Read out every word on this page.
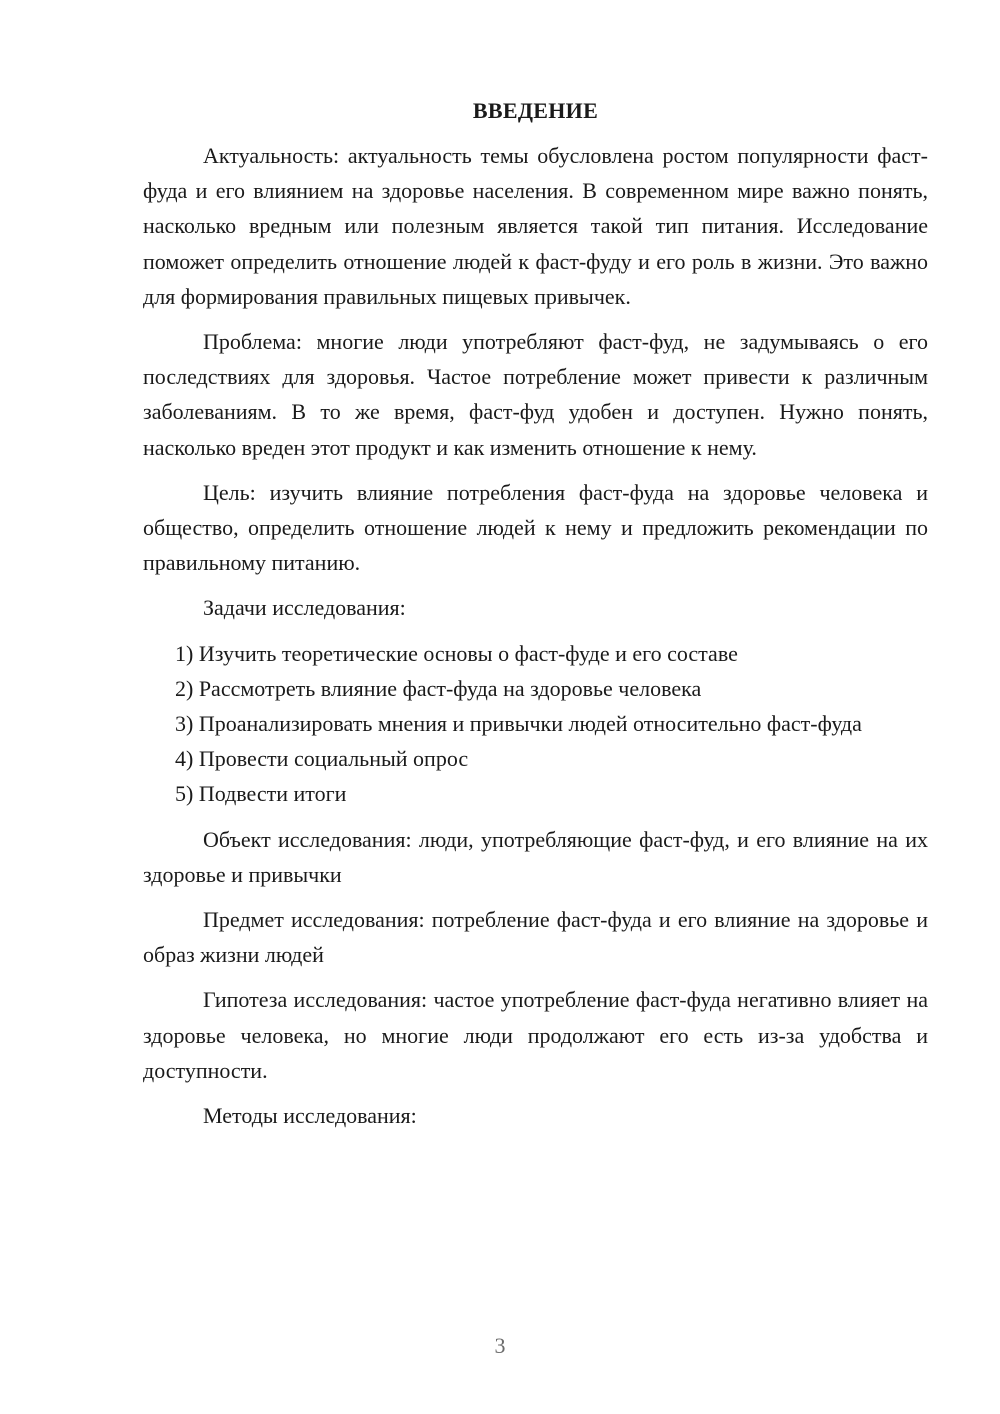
ВВЕДЕНИЕ

Актуальность: актуальность темы обусловлена ростом популярности фаст-фуда и его влиянием на здоровье населения. В современном мире важно понять, насколько вредным или полезным является такой тип питания. Исследование поможет определить отношение людей к фаст-фуду и его роль в жизни. Это важно для формирования правильных пищевых привычек.

Проблема: многие люди употребляют фаст-фуд, не задумываясь о его последствиях для здоровья. Частое потребление может привести к различным заболеваниям. В то же время, фаст-фуд удобен и доступен. Нужно понять, насколько вреден этот продукт и как изменить отношение к нему.

Цель: изучить влияние потребления фаст-фуда на здоровье человека и общество, определить отношение людей к нему и предложить рекомендации по правильному питанию.

Задачи исследования:

1) Изучить теоретические основы о фаст-фуде и его составе

2) Рассмотреть влияние фаст-фуда на здоровье человека

3) Проанализировать мнения и привычки людей относительно фаст-фуда

4) Провести социальный опрос

5) Подвести итоги

Объект исследования: люди, употребляющие фаст-фуд, и его влияние на их здоровье и привычки

Предмет исследования: потребление фаст-фуда и его влияние на здоровье и образ жизни людей

Гипотеза исследования: частое употребление фаст-фуда негативно влияет на здоровье человека, но многие люди продолжают его есть из-за удобства и доступности.

Методы исследования:

3
